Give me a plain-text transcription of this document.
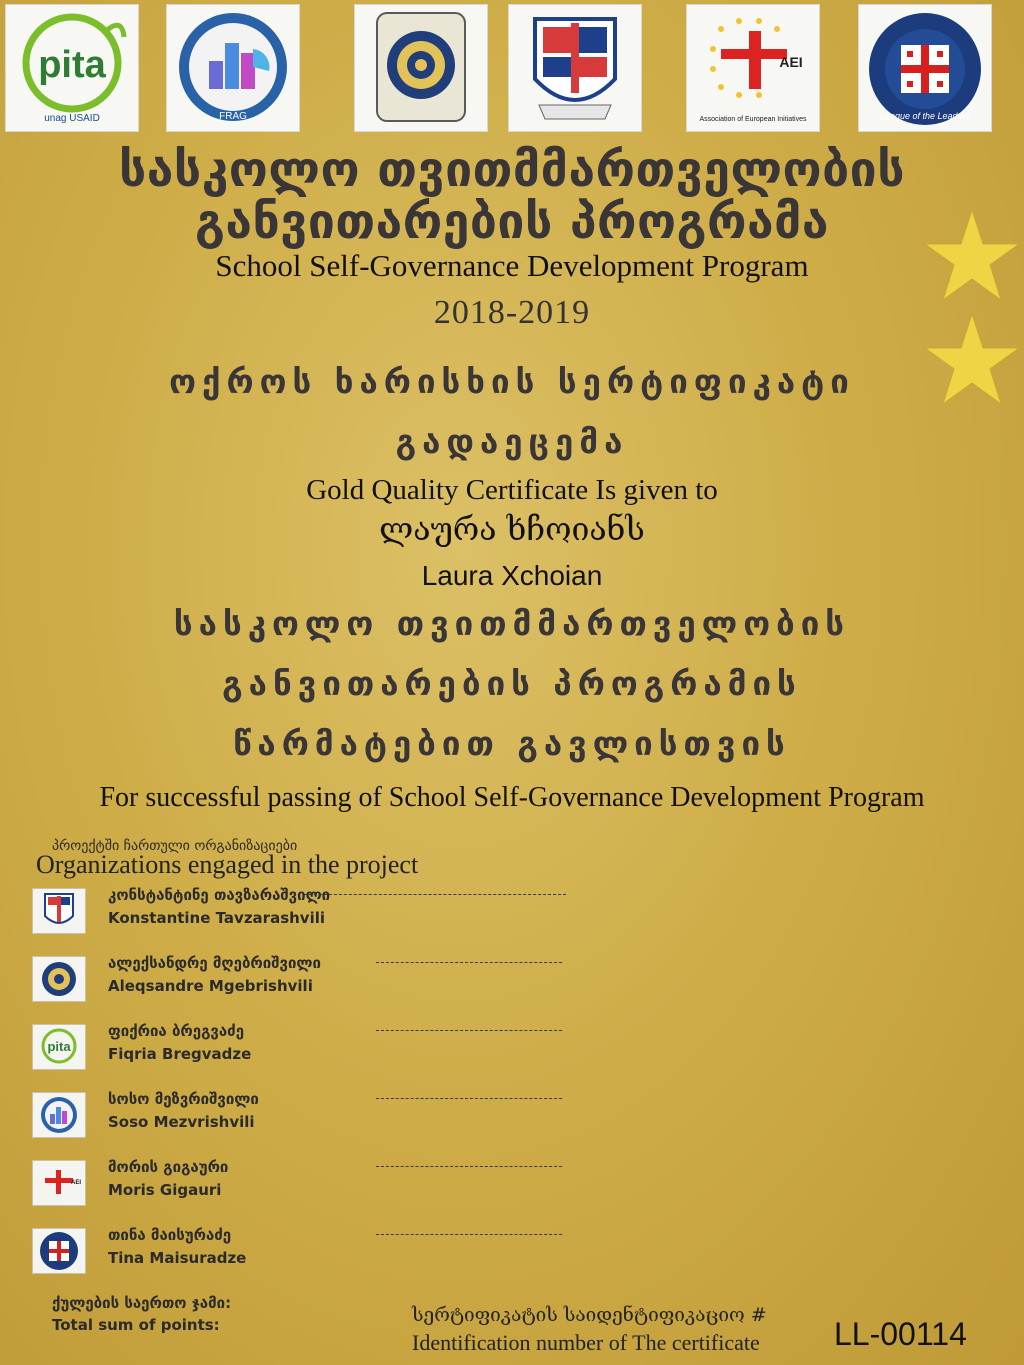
pita
unag USAID	FRAG
AEI
Association of European Initiatives	League of the Leaders
სასკოლო თვითმმართველობის
განვითარების პროგრამა
School Self-Governance Development Program
2018-2019
ოქროს ხარისხის სერტიფიკატი
გადაეცემა
Gold Quality Certificate Is given to
ლაურა ხჩოიანს
Laura Xchoian
სასკოლო თვითმმართველობის
განვითარების პროგრამის
წარმატებით გავლისთვის
For successful passing of School Self-Governance Development Program
პროექტში ჩართული ორგანიზაციები
Organizations engaged in the project
კონსტანტინე თავზარაშვილი
Konstantine Tavzarashvili
ალექსანდრე მღებრიშვილი
Aleqsandre Mgebrishvili
pita
ფიქრია ბრეგვაძე
Fiqria Bregvadze
სოსო მეზვრიშვილი
Soso Mezvrishvili
AEI
მორის გიგაური
Moris Gigauri
თინა მაისურაძე
Tina Maisuradze
ქულების საერთო ჯამი:
Total sum of points:	სერტიფიკატის საიდენტიფიკაციო #
Identification number of The certificate LL-00114
